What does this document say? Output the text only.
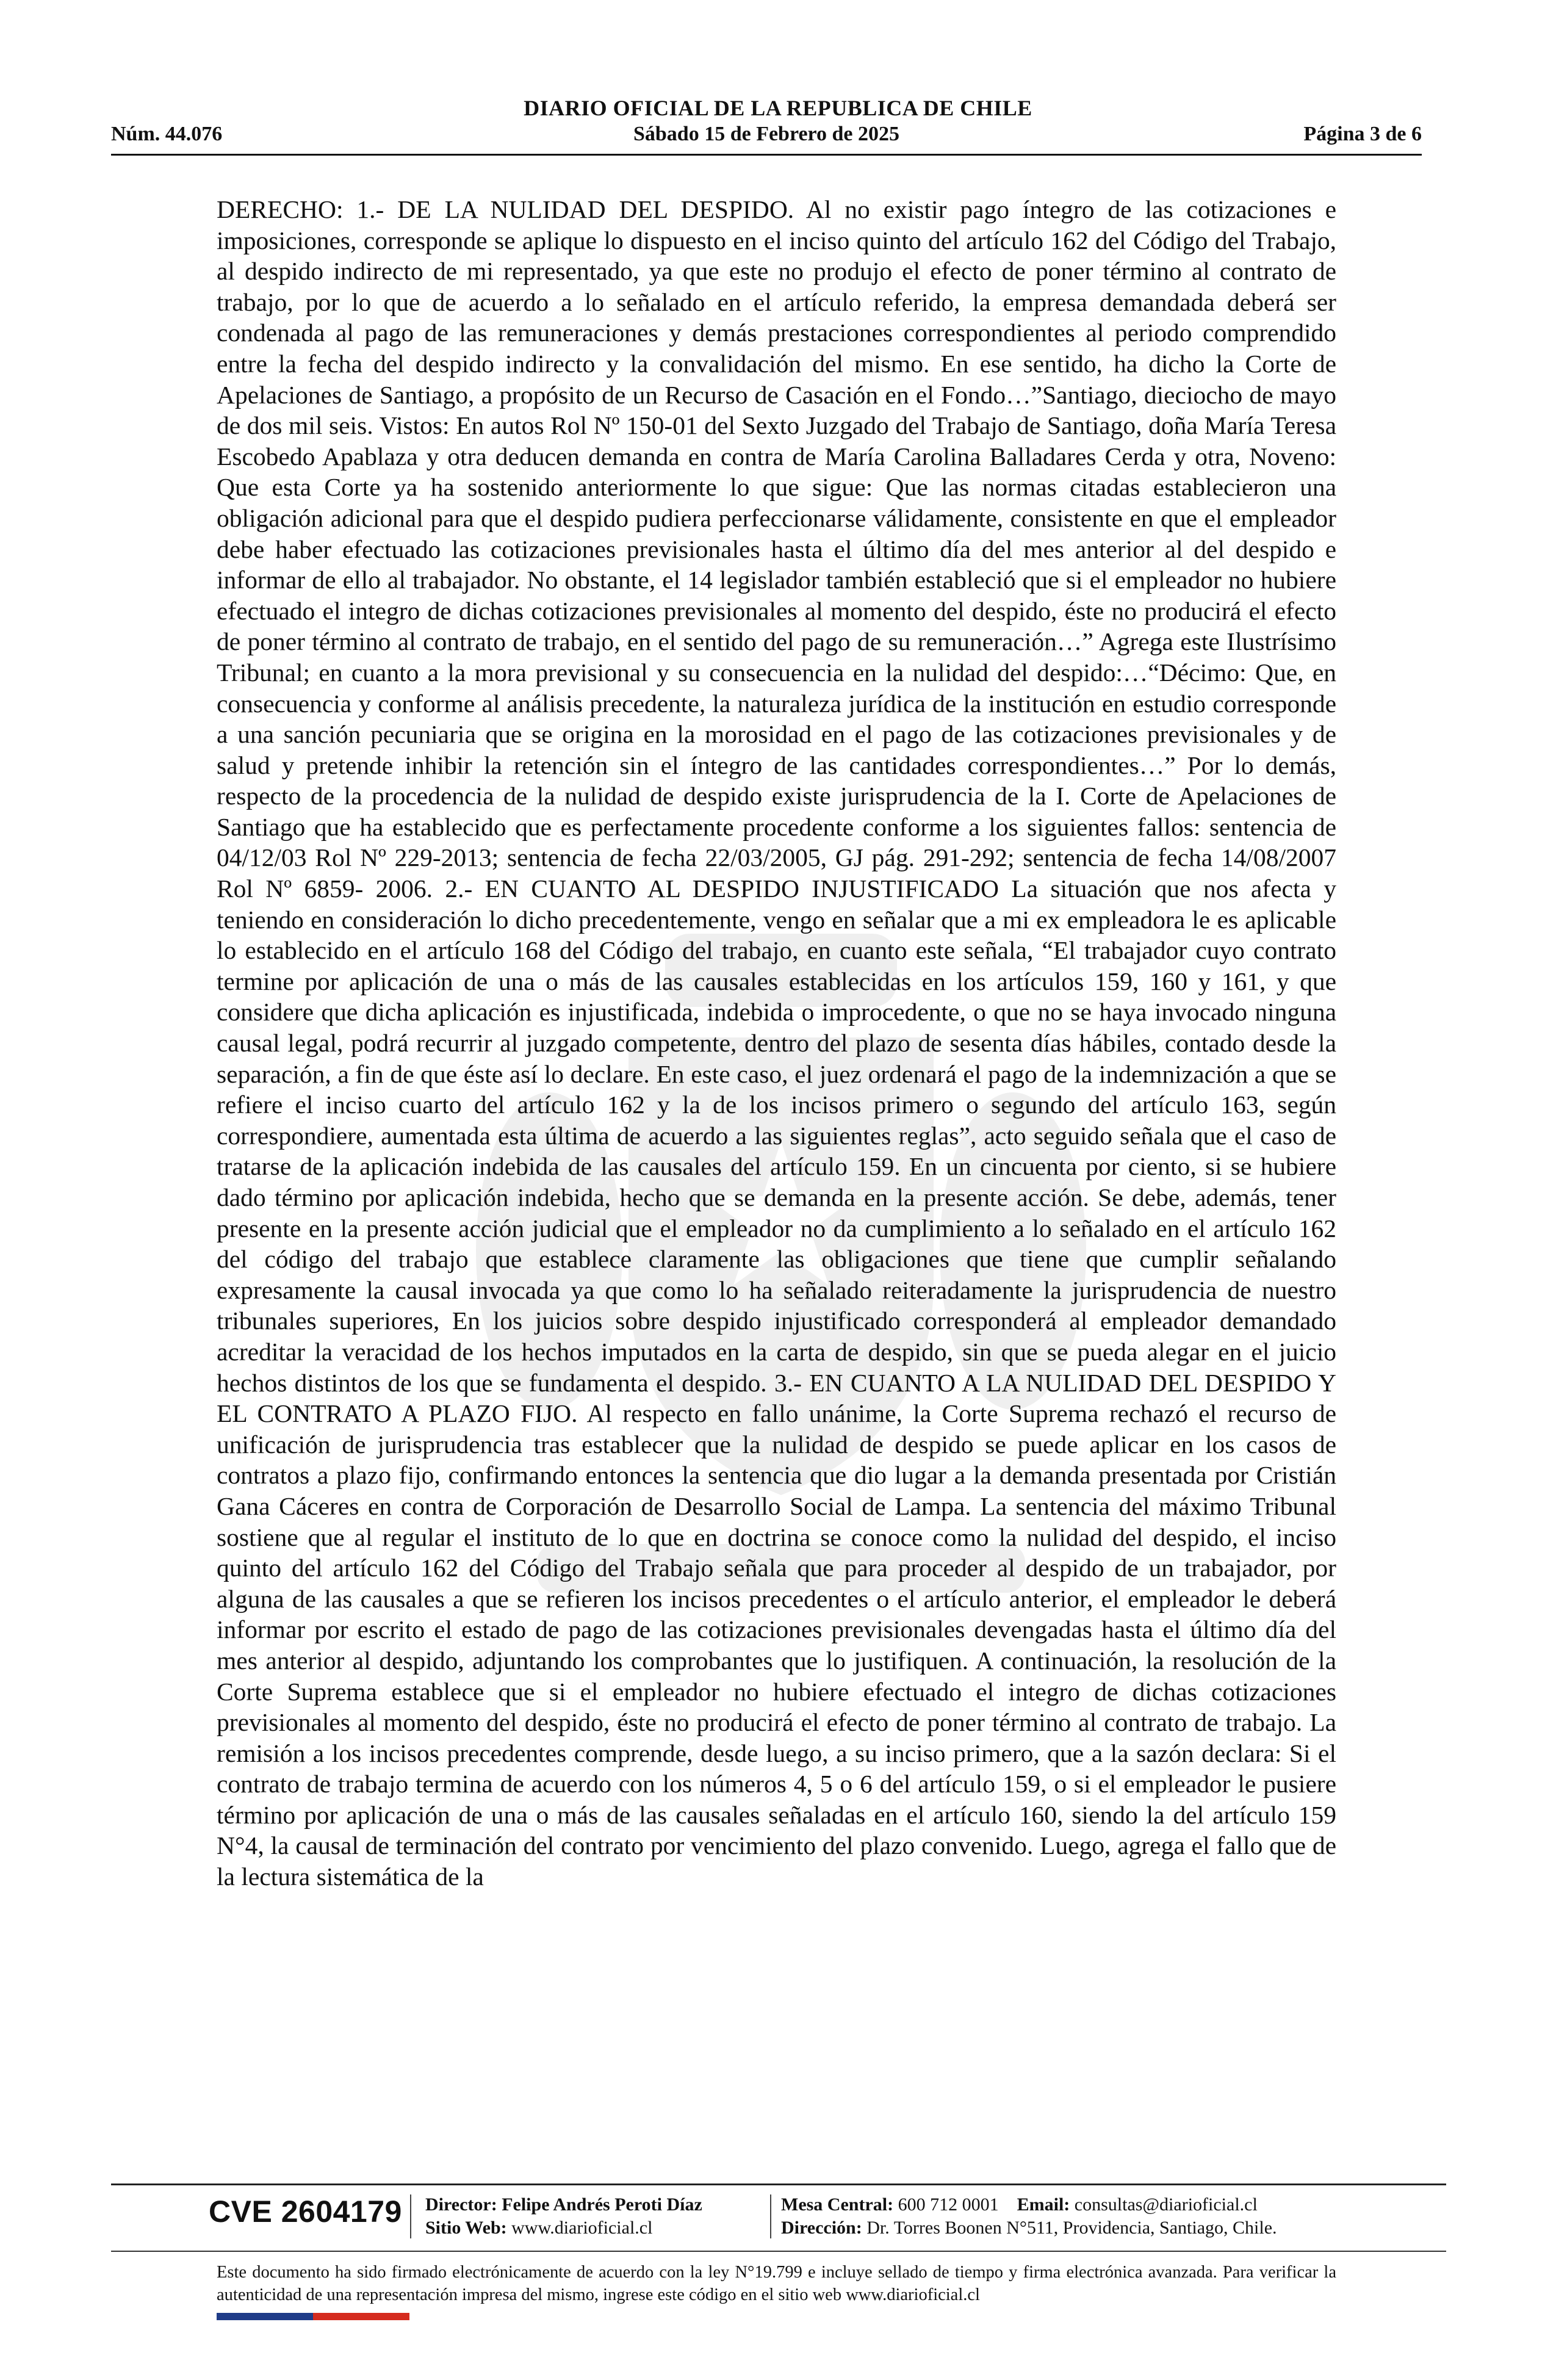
DIARIO OFICIAL DE LA REPUBLICA DE CHILE
Núm. 44.076	Sábado 15 de Febrero de 2025	Página 3 de 6

DERECHO: 1.- DE LA NULIDAD DEL DESPIDO. Al no existir pago íntegro de las cotizaciones e imposiciones, corresponde se aplique lo dispuesto en el inciso quinto del artículo 162 del Código del Trabajo, al despido indirecto de mi representado, ya que este no produjo el efecto de poner término al contrato de trabajo, por lo que de acuerdo a lo señalado en el artículo referido, la empresa demandada deberá ser condenada al pago de las remuneraciones y demás prestaciones correspondientes al periodo comprendido entre la fecha del despido indirecto y la convalidación del mismo. En ese sentido, ha dicho la Corte de Apelaciones de Santiago, a propósito de un Recurso de Casación en el Fondo…”Santiago, dieciocho de mayo de dos mil seis. Vistos: En autos Rol Nº 150-01 del Sexto Juzgado del Trabajo de Santiago, doña María Teresa Escobedo Apablaza y otra deducen demanda en contra de María Carolina Balladares Cerda y otra, Noveno: Que esta Corte ya ha sostenido anteriormente lo que sigue: Que las normas citadas establecieron una obligación adicional para que el despido pudiera perfeccionarse válidamente, consistente en que el empleador debe haber efectuado las cotizaciones previsionales hasta el último día del mes anterior al del despido e informar de ello al trabajador. No obstante, el 14 legislador también estableció que si el empleador no hubiere efectuado el integro de dichas cotizaciones previsionales al momento del despido, éste no producirá el efecto de poner término al contrato de trabajo, en el sentido del pago de su remuneración…” Agrega este Ilustrísimo Tribunal; en cuanto a la mora previsional y su consecuencia en la nulidad del despido:…“Décimo: Que, en consecuencia y conforme al análisis precedente, la naturaleza jurídica de la institución en estudio corresponde a una sanción pecuniaria que se origina en la morosidad en el pago de las cotizaciones previsionales y de salud y pretende inhibir la retención sin el íntegro de las cantidades correspondientes…” Por lo demás, respecto de la procedencia de la nulidad de despido existe jurisprudencia de la I. Corte de Apelaciones de Santiago que ha establecido que es perfectamente procedente conforme a los siguientes fallos: sentencia de 04/12/03 Rol Nº 229-2013; sentencia de fecha 22/03/2005, GJ pág. 291-292; sentencia de fecha 14/08/2007 Rol Nº 6859- 2006. 2.- EN CUANTO AL DESPIDO INJUSTIFICADO La situación que nos afecta y teniendo en consideración lo dicho precedentemente, vengo en señalar que a mi ex empleadora le es aplicable lo establecido en el artículo 168 del Código del trabajo, en cuanto este señala, “El trabajador cuyo contrato termine por aplicación de una o más de las causales establecidas en los artículos 159, 160 y 161, y que considere que dicha aplicación es injustificada, indebida o improcedente, o que no se haya invocado ninguna causal legal, podrá recurrir al juzgado competente, dentro del plazo de sesenta días hábiles, contado desde la separación, a fin de que éste así lo declare. En este caso, el juez ordenará el pago de la indemnización a que se refiere el inciso cuarto del artículo 162 y la de los incisos primero o segundo del artículo 163, según correspondiere, aumentada esta última de acuerdo a las siguientes reglas”, acto seguido señala que el caso de tratarse de la aplicación indebida de las causales del artículo 159. En un cincuenta por ciento, si se hubiere dado término por aplicación indebida, hecho que se demanda en la presente acción. Se debe, además, tener presente en la presente acción judicial que el empleador no da cumplimiento a lo señalado en el artículo 162 del código del trabajo que establece claramente las obligaciones que tiene que cumplir señalando expresamente la causal invocada ya que como lo ha señalado reiteradamente la jurisprudencia de nuestro tribunales superiores, En los juicios sobre despido injustificado corresponderá al empleador demandado acreditar la veracidad de los hechos imputados en la carta de despido, sin que se pueda alegar en el juicio hechos distintos de los que se fundamenta el despido. 3.- EN CUANTO A LA NULIDAD DEL DESPIDO Y EL CONTRATO A PLAZO FIJO. Al respecto en fallo unánime, la Corte Suprema rechazó el recurso de unificación de jurisprudencia tras establecer que la nulidad de despido se puede aplicar en los casos de contratos a plazo fijo, confirmando entonces la sentencia que dio lugar a la demanda presentada por Cristián Gana Cáceres en contra de Corporación de Desarrollo Social de Lampa. La sentencia del máximo Tribunal sostiene que al regular el instituto de lo que en doctrina se conoce como la nulidad del despido, el inciso quinto del artículo 162 del Código del Trabajo señala que para proceder al despido de un trabajador, por alguna de las causales a que se refieren los incisos precedentes o el artículo anterior, el empleador le deberá informar por escrito el estado de pago de las cotizaciones previsionales devengadas hasta el último día del mes anterior al despido, adjuntando los comprobantes que lo justifiquen. A continuación, la resolución de la Corte Suprema establece que si el empleador no hubiere efectuado el integro de dichas cotizaciones previsionales al momento del despido, éste no producirá el efecto de poner término al contrato de trabajo. La remisión a los incisos precedentes comprende, desde luego, a su inciso primero, que a la sazón declara: Si el contrato de trabajo termina de acuerdo con los números 4, 5 o 6 del artículo 159, o si el empleador le pusiere término por aplicación de una o más de las causales señaladas en el artículo 160, siendo la del artículo 159 N°4, la causal de terminación del contrato por vencimiento del plazo convenido. Luego, agrega el fallo que de la lectura sistemática de la

CVE 2604179 Director: Felipe Andrés Peroti Díaz
Sitio Web: www.diarioficial.cl
Mesa Central: 600 712 0001 Email: consultas@diarioficial.cl
Dirección: Dr. Torres Boonen N°511, Providencia, Santiago, Chile.

Este documento ha sido firmado electrónicamente de acuerdo con la ley N°19.799 e incluye sellado de tiempo y firma electrónica avanzada. Para verificar la autenticidad de una representación impresa del mismo, ingrese este código en el sitio web www.diarioficial.cl
